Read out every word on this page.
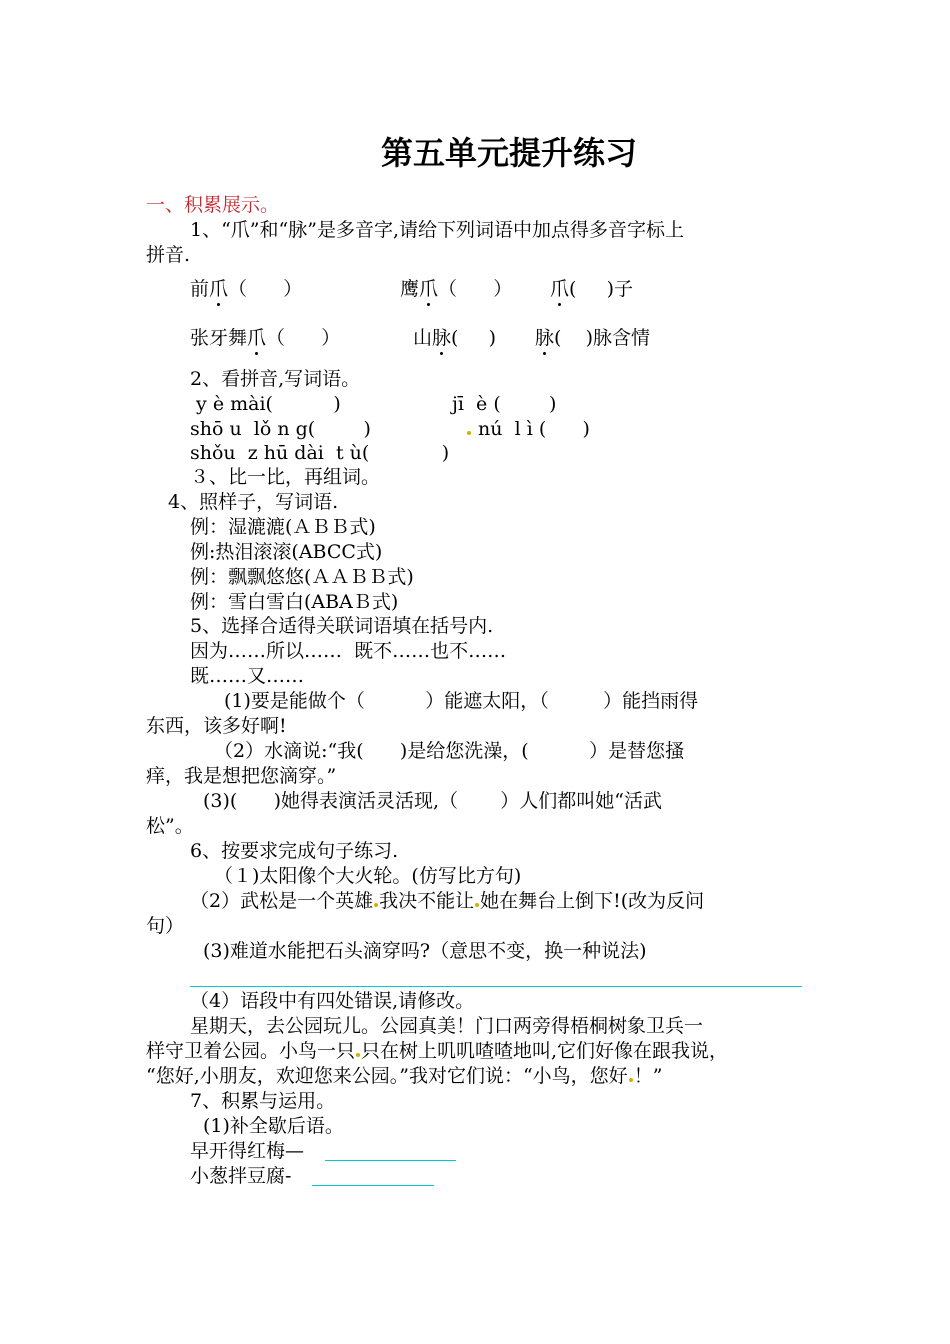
第五单元提升练习
一、积累展示。
1、“爪”和“脉”是多音字,请给下列词语中加点得多音字标上
拼音.
前爪（      ）	鹰爪（      ） 爪(     )子
张牙舞爪（      ）	山脉(     ) 脉(    )脉含情
2、看拼音,写词语。
y è mài(          )	jī  è (        )
shō u  lǒ n g(        )	nú  l ì (      )
shǒu  z hū dài  t ù(            )
３、比一比，再组词。
4、照样子，写词语.
例：湿漉漉(ＡＢＢ式)
例:热泪滚滚(ABCC式)
例：飘飘悠悠(ＡＡＢＢ式)
例：雪白雪白(ABAＢ式)
5、选择合适得关联词语填在括号内.
因为……所以……  既不……也不……
既……又……
(1)要是能做个（          ）能遮太阳，（         ）能挡雨得
东西，该多好啊!
（2）水滴说:“我(      )是给您洗澡，(          ）是替您搔
痒，我是想把您滴穿。”
(3)(      )她得表演活灵活现,（       ）人们都叫她“活武
松”。
6、按要求完成句子练习.
（１)太阳像个大火轮。(仿写比方句)
（2）武松是一个英雄 我决不能让 她在舞台上倒下!(改为反问
句）
(3)难道水能把石头滴穿吗?（意思不变，换一种说法)
（4）语段中有四处错误,请修改。
星期天，去公园玩儿。公园真美！门口两旁得梧桐树象卫兵一
样守卫着公园。小鸟一只 只在树上叽叽喳喳地叫,它们好像在跟我说，
“您好,小朋友，欢迎您来公园。”我对它们说：“小鸟，您好 ！”
7、积累与运用。
(1)补全歇后语。
早开得红梅—
小葱拌豆腐-
